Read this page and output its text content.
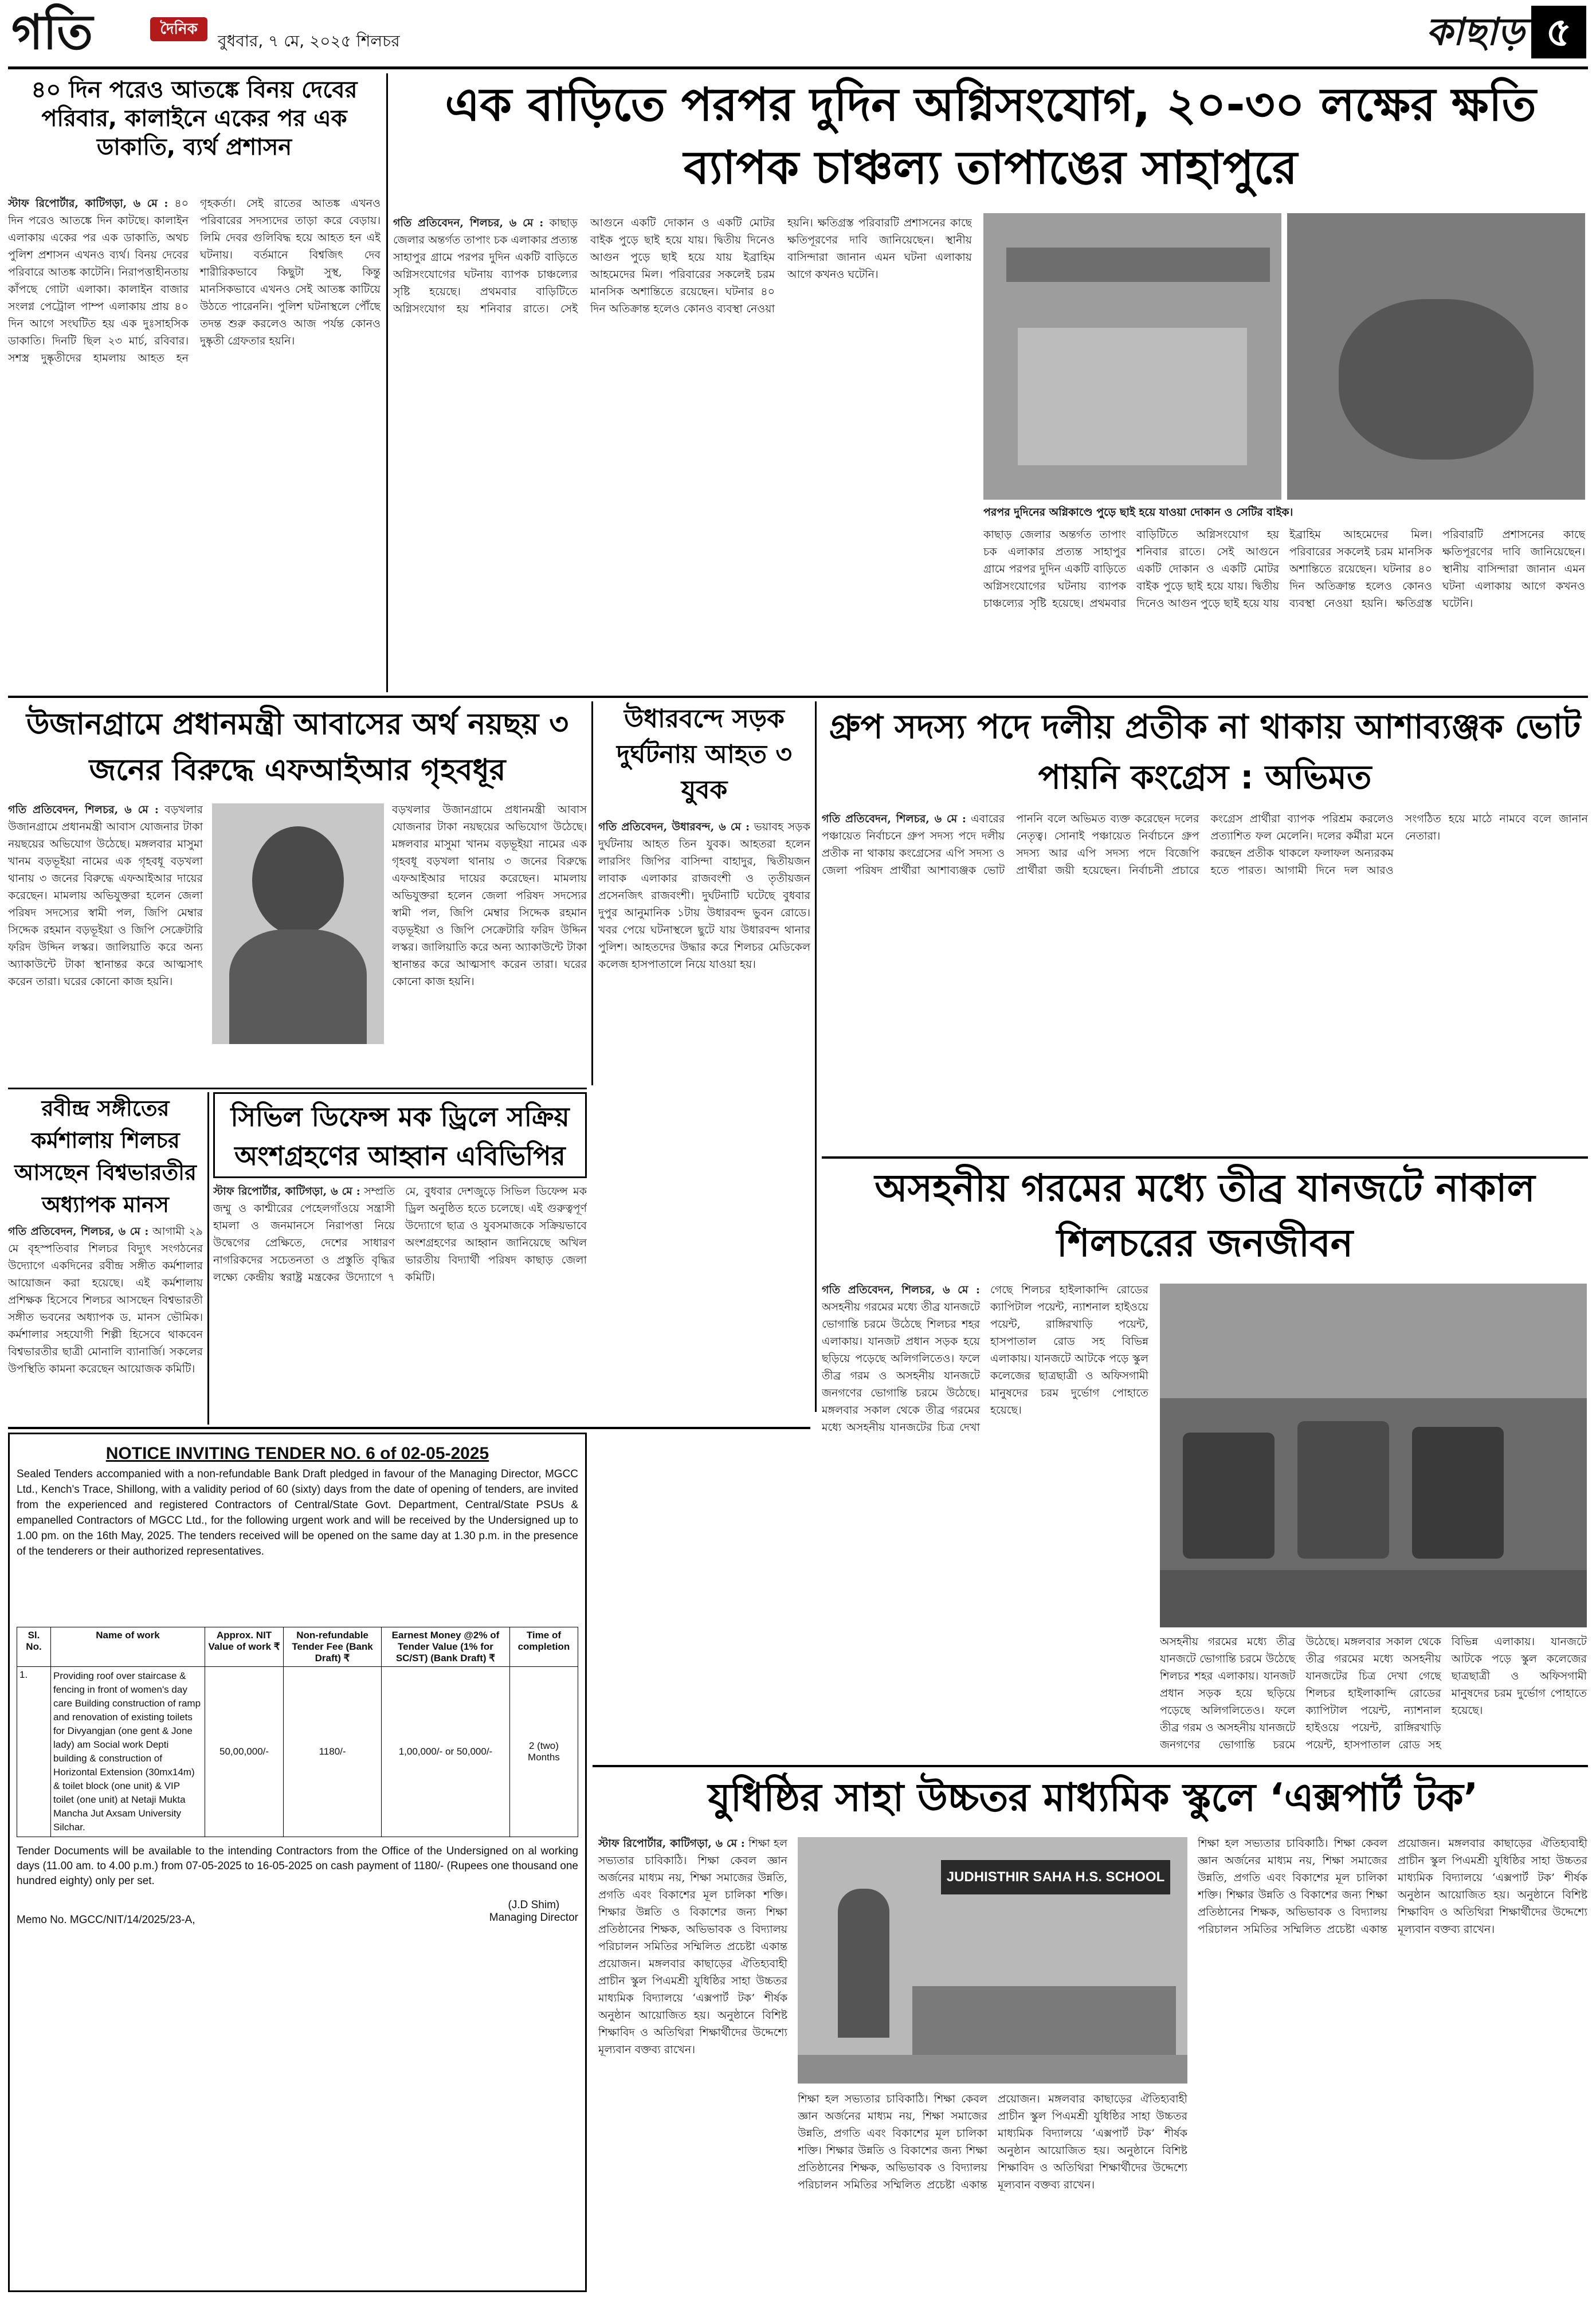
গতি	দৈনিক
বুধবার, ৭ মে, ২০২৫ শিলচর	কাছাড় ৫
৪০ দিন পরেও আতঙ্কে বিনয় দেবের পরিবার, কালাইনে একের পর এক ডাকাতি, ব্যর্থ প্রশাসন
স্টাফ রিপোর্টার, কাটিগড়া, ৬ মে : ৪০ দিন পরেও আতঙ্কে দিন কাটছে। কালাইন এলাকায় একের পর এক ডাকাতি, অথচ পুলিশ প্রশাসন এখনও ব্যর্থ। বিনয় দেবের পরিবারে আতঙ্ক কাটেনি। নিরাপত্তাহীনতায় কাঁপছে গোটা এলাকা। কালাইন বাজার সংলগ্ন পেট্রোল পাম্প এলাকায় প্রায় ৪০ দিন আগে সংঘটিত হয় এক দুঃসাহসিক ডাকাতি। দিনটি ছিল ২৩ মার্চ, রবিবার। সশস্ত্র দুষ্কৃতীদের হামলায় আহত হন গৃহকর্তা। সেই রাতের আতঙ্ক এখনও পরিবারের সদস্যদের তাড়া করে বেড়ায়। লিমি দেবর গুলিবিদ্ধ হয়ে আহত হন এই ঘটনায়। বর্তমানে বিশ্বজিৎ দেব শারীরিকভাবে কিছুটা সুস্থ, কিন্তু মানসিকভাবে এখনও সেই আতঙ্ক কাটিয়ে উঠতে পারেননি। পুলিশ ঘটনাস্থলে পৌঁছে তদন্ত শুরু করলেও আজ পর্যন্ত কোনও দুষ্কৃতী গ্রেফতার হয়নি।
এক বাড়িতে পরপর দুদিন অগ্নিসংযোগ, ২০-৩০ লক্ষের ক্ষতি ব্যাপক চাঞ্চল্য তাপাঙের সাহাপুরে
গতি প্রতিবেদন, শিলচর, ৬ মে : কাছাড় জেলার অন্তর্গত তাপাং চক এলাকার প্রত্যন্ত সাহাপুর গ্রামে পরপর দুদিন একটি বাড়িতে অগ্নিসংযোগের ঘটনায় ব্যাপক চাঞ্চল্যের সৃষ্টি হয়েছে। প্রথমবার বাড়িটিতে অগ্নিসংযোগ হয় শনিবার রাতে। সেই আগুনে একটি দোকান ও একটি মোটর বাইক পুড়ে ছাই হয়ে যায়। দ্বিতীয় দিনেও আগুন পুড়ে ছাই হয়ে যায় ইব্রাহিম আহমেদের মিল। পরিবারের সকলেই চরম মানসিক অশান্তিতে রয়েছেন। ঘটনার ৪০ দিন অতিক্রান্ত হলেও কোনও ব্যবস্থা নেওয়া হয়নি। ক্ষতিগ্রস্ত পরিবারটি প্রশাসনের কাছে ক্ষতিপূরণের দাবি জানিয়েছেন। স্থানীয় বাসিন্দারা জানান এমন ঘটনা এলাকায় আগে কখনও ঘটেনি।
পরপর দুদিনের অগ্নিকাণ্ডে পুড়ে ছাই হয়ে যাওয়া দোকান ও সেটির বাইক।
কাছাড় জেলার অন্তর্গত তাপাং চক এলাকার প্রত্যন্ত সাহাপুর গ্রামে পরপর দুদিন একটি বাড়িতে অগ্নিসংযোগের ঘটনায় ব্যাপক চাঞ্চল্যের সৃষ্টি হয়েছে। প্রথমবার বাড়িটিতে অগ্নিসংযোগ হয় শনিবার রাতে। সেই আগুনে একটি দোকান ও একটি মোটর বাইক পুড়ে ছাই হয়ে যায়। দ্বিতীয় দিনেও আগুন পুড়ে ছাই হয়ে যায় ইব্রাহিম আহমেদের মিল। পরিবারের সকলেই চরম মানসিক অশান্তিতে রয়েছেন। ঘটনার ৪০ দিন অতিক্রান্ত হলেও কোনও ব্যবস্থা নেওয়া হয়নি। ক্ষতিগ্রস্ত পরিবারটি প্রশাসনের কাছে ক্ষতিপূরণের দাবি জানিয়েছেন। স্থানীয় বাসিন্দারা জানান এমন ঘটনা এলাকায় আগে কখনও ঘটেনি।
উজানগ্রামে প্রধানমন্ত্রী আবাসের অর্থ নয়ছয় ৩ জনের বিরুদ্ধে এফআইআর গৃহবধূর
গতি প্রতিবেদন, শিলচর, ৬ মে : বড়খলার উজানগ্রামে প্রধানমন্ত্রী আবাস যোজনার টাকা নয়ছয়ের অভিযোগ উঠেছে। মঙ্গলবার মাসুমা খানম বড়ভূইয়া নামের এক গৃহবধূ বড়খলা থানায় ৩ জনের বিরুদ্ধে এফআইআর দায়ের করেছেন। মামলায় অভিযুক্তরা হলেন জেলা পরিষদ সদস্যের স্বামী পল, জিপি মেম্বার সিদ্দেক রহমান বড়ভূইয়া ও জিপি সেক্রেটারি ফরিদ উদ্দিন লস্কর। জালিয়াতি করে অন্য অ্যাকাউন্টে টাকা স্থানান্তর করে আত্মসাৎ করেন তারা। ঘরের কোনো কাজ হয়নি।
বড়খলার উজানগ্রামে প্রধানমন্ত্রী আবাস যোজনার টাকা নয়ছয়ের অভিযোগ উঠেছে। মঙ্গলবার মাসুমা খানম বড়ভূইয়া নামের এক গৃহবধূ বড়খলা থানায় ৩ জনের বিরুদ্ধে এফআইআর দায়ের করেছেন। মামলায় অভিযুক্তরা হলেন জেলা পরিষদ সদস্যের স্বামী পল, জিপি মেম্বার সিদ্দেক রহমান বড়ভূইয়া ও জিপি সেক্রেটারি ফরিদ উদ্দিন লস্কর। জালিয়াতি করে অন্য অ্যাকাউন্টে টাকা স্থানান্তর করে আত্মসাৎ করেন তারা। ঘরের কোনো কাজ হয়নি।
উধারবন্দে সড়ক দুর্ঘটনায় আহত ৩ যুবক
গতি প্রতিবেদন, উধারবন্দ, ৬ মে : ভয়াবহ সড়ক দুর্ঘটনায় আহত তিন যুবক। আহতরা হলেন লারসিং জিপির বাসিন্দা বাহাদুর, দ্বিতীয়জন লাবাক এলাকার রাজবংশী ও তৃতীয়জন প্রসেনজিৎ রাজবংশী। দুর্ঘটনাটি ঘটেছে বুধবার দুপুর আনুমানিক ১টায় উধারবন্দ ভুবন রোডে। খবর পেয়ে ঘটনাস্থলে ছুটে যায় উধারবন্দ থানার পুলিশ। আহতদের উদ্ধার করে শিলচর মেডিকেল কলেজ হাসপাতালে নিয়ে যাওয়া হয়।
গ্রুপ সদস্য পদে দলীয় প্রতীক না থাকায় আশাব্যঞ্জক ভোট পায়নি কংগ্রেস : অভিমত
গতি প্রতিবেদন, শিলচর, ৬ মে : এবারের পঞ্চায়েত নির্বাচনে গ্রুপ সদস্য পদে দলীয় প্রতীক না থাকায় কংগ্রেসের এপি সদস্য ও জেলা পরিষদ প্রার্থীরা আশাব্যঞ্জক ভোট পাননি বলে অভিমত ব্যক্ত করেছেন দলের নেতৃত্ব। সোনাই পঞ্চায়েত নির্বাচনে গ্রুপ সদস্য আর এপি সদস্য পদে বিজেপি প্রার্থীরা জয়ী হয়েছেন। নির্বাচনী প্রচারে কংগ্রেস প্রার্থীরা ব্যাপক পরিশ্রম করলেও প্রত্যাশিত ফল মেলেনি। দলের কর্মীরা মনে করছেন প্রতীক থাকলে ফলাফল অন্যরকম হতে পারত। আগামী দিনে দল আরও সংগঠিত হয়ে মাঠে নামবে বলে জানান নেতারা।
রবীন্দ্র সঙ্গীতের কর্মশালায় শিলচর আসছেন বিশ্বভারতীর অধ্যাপক মানস
গতি প্রতিবেদন, শিলচর, ৬ মে : আগামী ২৯ মে বৃহস্পতিবার শিলচর বিদ্যুৎ সংগঠনের উদ্যোগে একদিনের রবীন্দ্র সঙ্গীত কর্মশালার আয়োজন করা হয়েছে। এই কর্মশালায় প্রশিক্ষক হিসেবে শিলচর আসছেন বিশ্বভারতী সঙ্গীত ভবনের অধ্যাপক ড. মানস ভৌমিক। কর্মশালার সহযোগী শিল্পী হিসেবে থাকবেন বিশ্বভারতীর ছাত্রী মোনালি ব্যানার্জি। সকলের উপস্থিতি কামনা করেছেন আয়োজক কমিটি।
সিভিল ডিফেন্স মক ড্রিলে সক্রিয় অংশগ্রহণের আহ্বান এবিভিপির
স্টাফ রিপোর্টার, কাটিগড়া, ৬ মে : সম্প্রতি জম্মু ও কাশ্মীরের পেহেলগাঁওয়ে সন্ত্রাসী হামলা ও জনমানসে নিরাপত্তা নিয়ে উদ্বেগের প্রেক্ষিতে, দেশের সাধারণ নাগরিকদের সচেতনতা ও প্রস্তুতি বৃদ্ধির লক্ষ্যে কেন্দ্রীয় স্বরাষ্ট্র মন্ত্রকের উদ্যোগে ৭ মে, বুধবার দেশজুড়ে সিভিল ডিফেন্স মক ড্রিল অনুষ্ঠিত হতে চলেছে। এই গুরুত্বপূর্ণ উদ্যোগে ছাত্র ও যুবসমাজকে সক্রিয়ভাবে অংশগ্রহণের আহ্বান জানিয়েছে অখিল ভারতীয় বিদ্যার্থী পরিষদ কাছাড় জেলা কমিটি।
NOTICE INVITING TENDER NO. 6 of 02-05-2025
Sealed Tenders accompanied with a non-refundable Bank Draft pledged in favour of the Managing Director, MGCC Ltd., Kench's Trace, Shillong, with a validity period of 60 (sixty) days from the date of opening of tenders, are invited from the experienced and registered Contractors of Central/State Govt. Department, Central/State PSUs & empanelled Contractors of MGCC Ltd., for the following urgent work and will be received by the Undersigned up to 1.00 pm. on the 16th May, 2025. The tenders received will be opened on the same day at 1.30 p.m. in the presence of the tenderers or their authorized representatives.
Sl. No.	Name of work	Approx. NIT Value of work ₹	Non-refundable Tender Fee (Bank Draft) ₹	Earnest Money @2% of Tender Value (1% for SC/ST) (Bank Draft) ₹	Time of completion
1.	Providing roof over staircase & fencing in front of women's day care Building construction of ramp and renovation of existing toilets for Divyangjan (one gent & Jone lady) am Social work Depti building & construction of Horizontal Extension (30mx14m) & toilet block (one unit) & VIP toilet (one unit) at Netaji Mukta Mancha Jut Axsam University Silchar.	50,00,000/-	1180/-	1,00,000/- or 50,000/-	2 (two) Months
Tender Documents will be available to the intending Contractors from the Office of the Undersigned on al working days (11.00 am. to 4.00 p.m.) from 07-05-2025 to 16-05-2025 on cash payment of 1180/- (Rupees one thousand one hundred eighty) only per set.
Memo No. MGCC/NIT/14/2025/23-A,
(J.D Shim)
Managing Director
অসহনীয় গরমের মধ্যে তীব্র যানজটে নাকাল শিলচরের জনজীবন
গতি প্রতিবেদন, শিলচর, ৬ মে : অসহনীয় গরমের মধ্যে তীব্র যানজটে ভোগান্তি চরমে উঠেছে শিলচর শহর এলাকায়। যানজট প্রধান সড়ক হয়ে ছড়িয়ে পড়েছে অলিগলিতেও। ফলে তীব্র গরম ও অসহনীয় যানজটে জনগণের ভোগান্তি চরমে উঠেছে। মঙ্গলবার সকাল থেকে তীব্র গরমের মধ্যে অসহনীয় যানজটের চিত্র দেখা গেছে শিলচর হাইলাকান্দি রোডের ক্যাপিটাল পয়েন্ট, ন্যাশনাল হাইওয়ে পয়েন্ট, রাঙ্গিরখাড়ি পয়েন্ট, হাসপাতাল রোড সহ বিভিন্ন এলাকায়। যানজটে আটকে পড়ে স্কুল কলেজের ছাত্রছাত্রী ও অফিসগামী মানুষদের চরম দুর্ভোগ পোহাতে হয়েছে।
অসহনীয় গরমের মধ্যে তীব্র যানজটে ভোগান্তি চরমে উঠেছে শিলচর শহর এলাকায়। যানজট প্রধান সড়ক হয়ে ছড়িয়ে পড়েছে অলিগলিতেও। ফলে তীব্র গরম ও অসহনীয় যানজটে জনগণের ভোগান্তি চরমে উঠেছে। মঙ্গলবার সকাল থেকে তীব্র গরমের মধ্যে অসহনীয় যানজটের চিত্র দেখা গেছে শিলচর হাইলাকান্দি রোডের ক্যাপিটাল পয়েন্ট, ন্যাশনাল হাইওয়ে পয়েন্ট, রাঙ্গিরখাড়ি পয়েন্ট, হাসপাতাল রোড সহ বিভিন্ন এলাকায়। যানজটে আটকে পড়ে স্কুল কলেজের ছাত্রছাত্রী ও অফিসগামী মানুষদের চরম দুর্ভোগ পোহাতে হয়েছে।
যুধিষ্ঠির সাহা উচ্চতর মাধ্যমিক স্কুলে ‘এক্সপার্ট টক’
স্টাফ রিপোর্টার, কাটিগড়া, ৬ মে : শিক্ষা হল সভ্যতার চাবিকাঠি। শিক্ষা কেবল জ্ঞান অর্জনের মাধ্যম নয়, শিক্ষা সমাজের উন্নতি, প্রগতি এবং বিকাশের মূল চালিকা শক্তি। শিক্ষার উন্নতি ও বিকাশের জন্য শিক্ষা প্রতিষ্ঠানের শিক্ষক, অভিভাবক ও বিদ্যালয় পরিচালন সমিতির সম্মিলিত প্রচেষ্টা একান্ত প্রয়োজন। মঙ্গলবার কাছাড়ের ঐতিহ্যবাহী প্রাচীন স্কুল পিএমশ্রী যুধিষ্ঠির সাহা উচ্চতর মাধ্যমিক বিদ্যালয়ে ‘এক্সপার্ট টক’ শীর্ষক অনুষ্ঠান আয়োজিত হয়। অনুষ্ঠানে বিশিষ্ট শিক্ষাবিদ ও অতিথিরা শিক্ষার্থীদের উদ্দেশ্যে মূল্যবান বক্তব্য রাখেন।
JUDHISTHIR SAHA H.S. SCHOOL
শিক্ষা হল সভ্যতার চাবিকাঠি। শিক্ষা কেবল জ্ঞান অর্জনের মাধ্যম নয়, শিক্ষা সমাজের উন্নতি, প্রগতি এবং বিকাশের মূল চালিকা শক্তি। শিক্ষার উন্নতি ও বিকাশের জন্য শিক্ষা প্রতিষ্ঠানের শিক্ষক, অভিভাবক ও বিদ্যালয় পরিচালন সমিতির সম্মিলিত প্রচেষ্টা একান্ত প্রয়োজন। মঙ্গলবার কাছাড়ের ঐতিহ্যবাহী প্রাচীন স্কুল পিএমশ্রী যুধিষ্ঠির সাহা উচ্চতর মাধ্যমিক বিদ্যালয়ে ‘এক্সপার্ট টক’ শীর্ষক অনুষ্ঠান আয়োজিত হয়। অনুষ্ঠানে বিশিষ্ট শিক্ষাবিদ ও অতিথিরা শিক্ষার্থীদের উদ্দেশ্যে মূল্যবান বক্তব্য রাখেন।
শিক্ষা হল সভ্যতার চাবিকাঠি। শিক্ষা কেবল জ্ঞান অর্জনের মাধ্যম নয়, শিক্ষা সমাজের উন্নতি, প্রগতি এবং বিকাশের মূল চালিকা শক্তি। শিক্ষার উন্নতি ও বিকাশের জন্য শিক্ষা প্রতিষ্ঠানের শিক্ষক, অভিভাবক ও বিদ্যালয় পরিচালন সমিতির সম্মিলিত প্রচেষ্টা একান্ত প্রয়োজন। মঙ্গলবার কাছাড়ের ঐতিহ্যবাহী প্রাচীন স্কুল পিএমশ্রী যুধিষ্ঠির সাহা উচ্চতর মাধ্যমিক বিদ্যালয়ে ‘এক্সপার্ট টক’ শীর্ষক অনুষ্ঠান আয়োজিত হয়। অনুষ্ঠানে বিশিষ্ট শিক্ষাবিদ ও অতিথিরা শিক্ষার্থীদের উদ্দেশ্যে মূল্যবান বক্তব্য রাখেন।
